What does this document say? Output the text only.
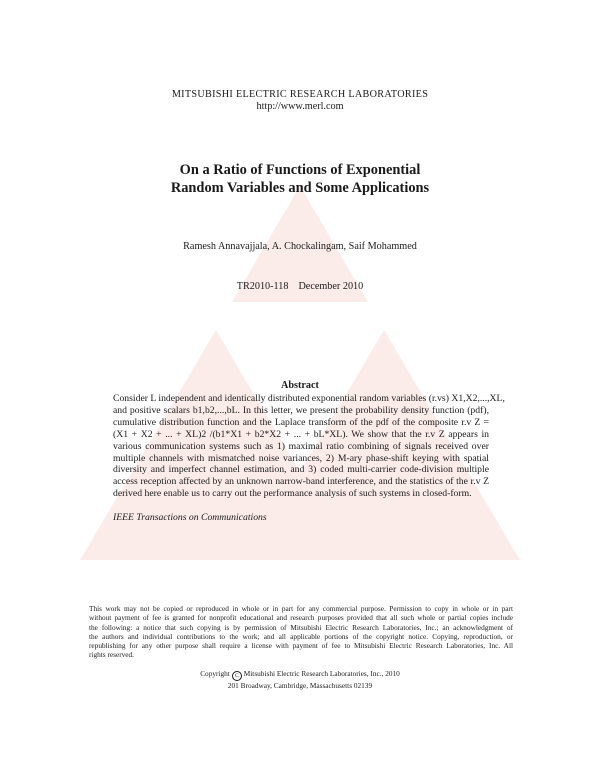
MITSUBISHI ELECTRIC RESEARCH LABORATORIES
http://www.merl.com
On a Ratio of Functions of Exponential
Random Variables and Some Applications
Ramesh Annavajjala, A. Chockalingam, Saif Mohammed
TR2010-118 December 2010
Abstract
Consider L independent and identically distributed exponential random variables (r.vs) X1,X2,...,XL,
and positive scalars b1,b2,...,bL. In this letter, we present the probability density function (pdf),
cumulative distribution function and the Laplace transform of the pdf of the composite r.v Z =
(X1 + X2 + ... + XL)2 /(b1*X1 + b2*X2 + ... + bL*XL). We show that the r.v Z appears in
various communication systems such as 1) maximal ratio combining of signals received over
multiple channels with mismatched noise variances, 2) M-ary phase-shift keying with spatial
diversity and imperfect channel estimation, and 3) coded multi-carrier code-division multiple
access reception affected by an unknown narrow-band interference, and the statistics of the r.v Z
derived here enable us to carry out the performance analysis of such systems in closed-form.
IEEE Transactions on Communications
This work may not be copied or reproduced in whole or in part for any commercial purpose. Permission to copy in whole or in part
without payment of fee is granted for nonprofit educational and research purposes provided that all such whole or partial copies include
the following: a notice that such copying is by permission of Mitsubishi Electric Research Laboratories, Inc.; an acknowledgment of
the authors and individual contributions to the work; and all applicable portions of the copyright notice. Copying, reproduction, or
republishing for any other purpose shall require a license with payment of fee to Mitsubishi Electric Research Laboratories, Inc. All
rights reserved.
Copyright C Mitsubishi Electric Research Laboratories, Inc., 2010
201 Broadway, Cambridge, Massachusetts 02139
